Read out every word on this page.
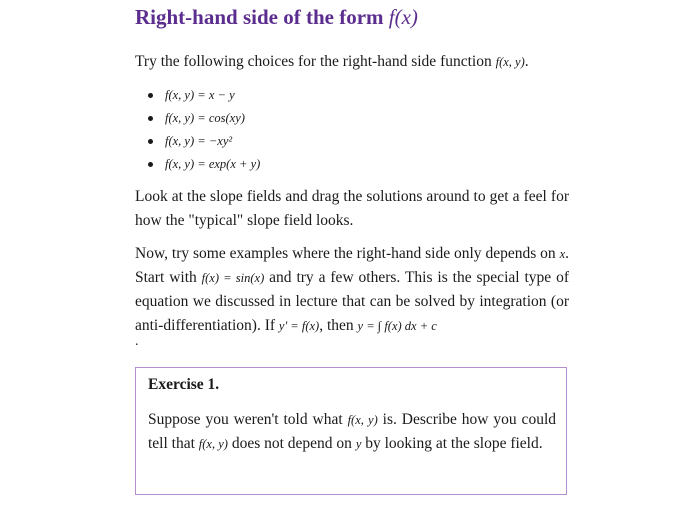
Right-hand side of the form f(x)
Try the following choices for the right-hand side function f(x, y).
f(x, y) = x − y
f(x, y) = cos(xy)
f(x, y) = −xy²
f(x, y) = exp(x + y)
Look at the slope fields and drag the solutions around to get a feel for how the "typical" slope field looks.
Now, try some examples where the right-hand side only depends on x. Start with f(x) = sin(x) and try a few others. This is the special type of equation we discussed in lecture that can be solved by integration (or anti-differentiation). If y′ = f(x), then y = ∫ f(x) dx + c
.
Exercise 1.
Suppose you weren't told what f(x, y) is. Describe how you could tell that f(x, y) does not depend on y by looking at the slope field.
